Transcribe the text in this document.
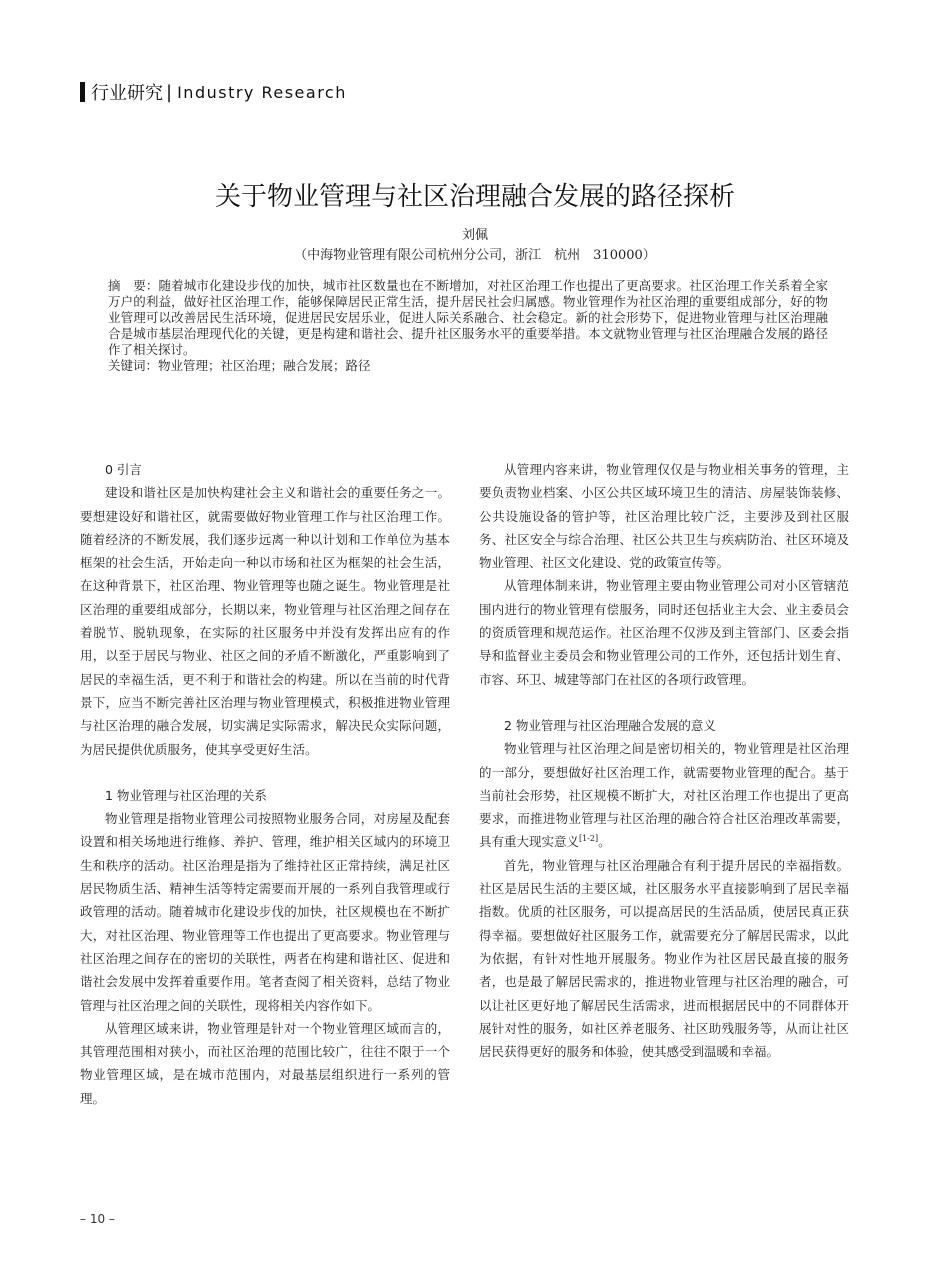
行业研究 | Industry Research
关于物业管理与社区治理融合发展的路径探析
刘佩
（中海物业管理有限公司杭州分公司，浙江　杭州　310000）
摘　要：随着城市化建设步伐的加快，城市社区数量也在不断增加，对社区治理工作也提出了更高要求。社区治理工作关系着全家万户的利益，做好社区治理工作，能够保障居民正常生活，提升居民社会归属感。物业管理作为社区治理的重要组成部分，好的物业管理可以改善居民生活环境，促进居民安居乐业，促进人际关系融合、社会稳定。新的社会形势下，促进物业管理与社区治理融合是城市基层治理现代化的关键，更是构建和谐社会、提升社区服务水平的重要举措。本文就物业管理与社区治理融合发展的路径作了相关探讨。
关键词：物业管理；社区治理；融合发展；路径
0 引言

建设和谐社区是加快构建社会主义和谐社会的重要任务之一。要想建设好和谐社区，就需要做好物业管理工作与社区治理工作。随着经济的不断发展，我们逐步远离一种以计划和工作单位为基本框架的社会生活，开始走向一种以市场和社区为框架的社会生活，在这种背景下，社区治理、物业管理等也随之诞生。物业管理是社区治理的重要组成部分，长期以来，物业管理与社区治理之间存在着脱节、脱轨现象，在实际的社区服务中并没有发挥出应有的作用，以至于居民与物业、社区之间的矛盾不断激化，严重影响到了居民的幸福生活，更不利于和谐社会的构建。所以在当前的时代背景下，应当不断完善社区治理与物业管理模式，积极推进物业管理与社区治理的融合发展，切实满足实际需求，解决民众实际问题，为居民提供优质服务，使其享受更好生活。

1 物业管理与社区治理的关系

物业管理是指物业管理公司按照物业服务合同，对房屋及配套设置和相关场地进行维修、养护、管理，维护相关区域内的环境卫生和秩序的活动。社区治理是指为了维持社区正常持续，满足社区居民物质生活、精神生活等特定需要而开展的一系列自我管理或行政管理的活动。随着城市化建设步伐的加快，社区规模也在不断扩大，对社区治理、物业管理等工作也提出了更高要求。物业管理与社区治理之间存在的密切的关联性，两者在构建和谐社区、促进和谐社会发展中发挥着重要作用。笔者查阅了相关资料，总结了物业管理与社区治理之间的关联性，现将相关内容作如下。

从管理区域来讲，物业管理是针对一个物业管理区域而言的，其管理范围相对狭小，而社区治理的范围比较广，往往不限于一个物业管理区域，是在城市范围内，对最基层组织进行一系列的管理。

从管理内容来讲，物业管理仅仅是与物业相关事务的管理，主要负责物业档案、小区公共区域环境卫生的清洁、房屋装饰装修、公共设施设备的管护等，社区治理比较广泛，主要涉及到社区服务、社区安全与综合治理、社区公共卫生与疾病防治、社区环境及物业管理、社区文化建设、党的政策宣传等。

从管理体制来讲，物业管理主要由物业管理公司对小区管辖范围内进行的物业管理有偿服务，同时还包括业主大会、业主委员会的资质管理和规范运作。社区治理不仅涉及到主管部门、区委会指导和监督业主委员会和物业管理公司的工作外，还包括计划生育、市容、环卫、城建等部门在社区的各项行政管理。

2 物业管理与社区治理融合发展的意义

物业管理与社区治理之间是密切相关的，物业管理是社区治理的一部分，要想做好社区治理工作，就需要物业管理的配合。基于当前社会形势，社区规模不断扩大，对社区治理工作也提出了更高要求，而推进物业管理与社区治理的融合符合社区治理改革需要，具有重大现实意义[1-2]。

首先，物业管理与社区治理融合有利于提升居民的幸福指数。社区是居民生活的主要区域，社区服务水平直接影响到了居民幸福指数。优质的社区服务，可以提高居民的生活品质，使居民真正获得幸福。要想做好社区服务工作，就需要充分了解居民需求，以此为依据，有针对性地开展服务。物业作为社区居民最直接的服务者，也是最了解居民需求的，推进物业管理与社区治理的融合，可以让社区更好地了解居民生活需求，进而根据居民中的不同群体开展针对性的服务，如社区养老服务、社区助残服务等，从而让社区居民获得更好的服务和体验，使其感受到温暖和幸福。

– 10 –
